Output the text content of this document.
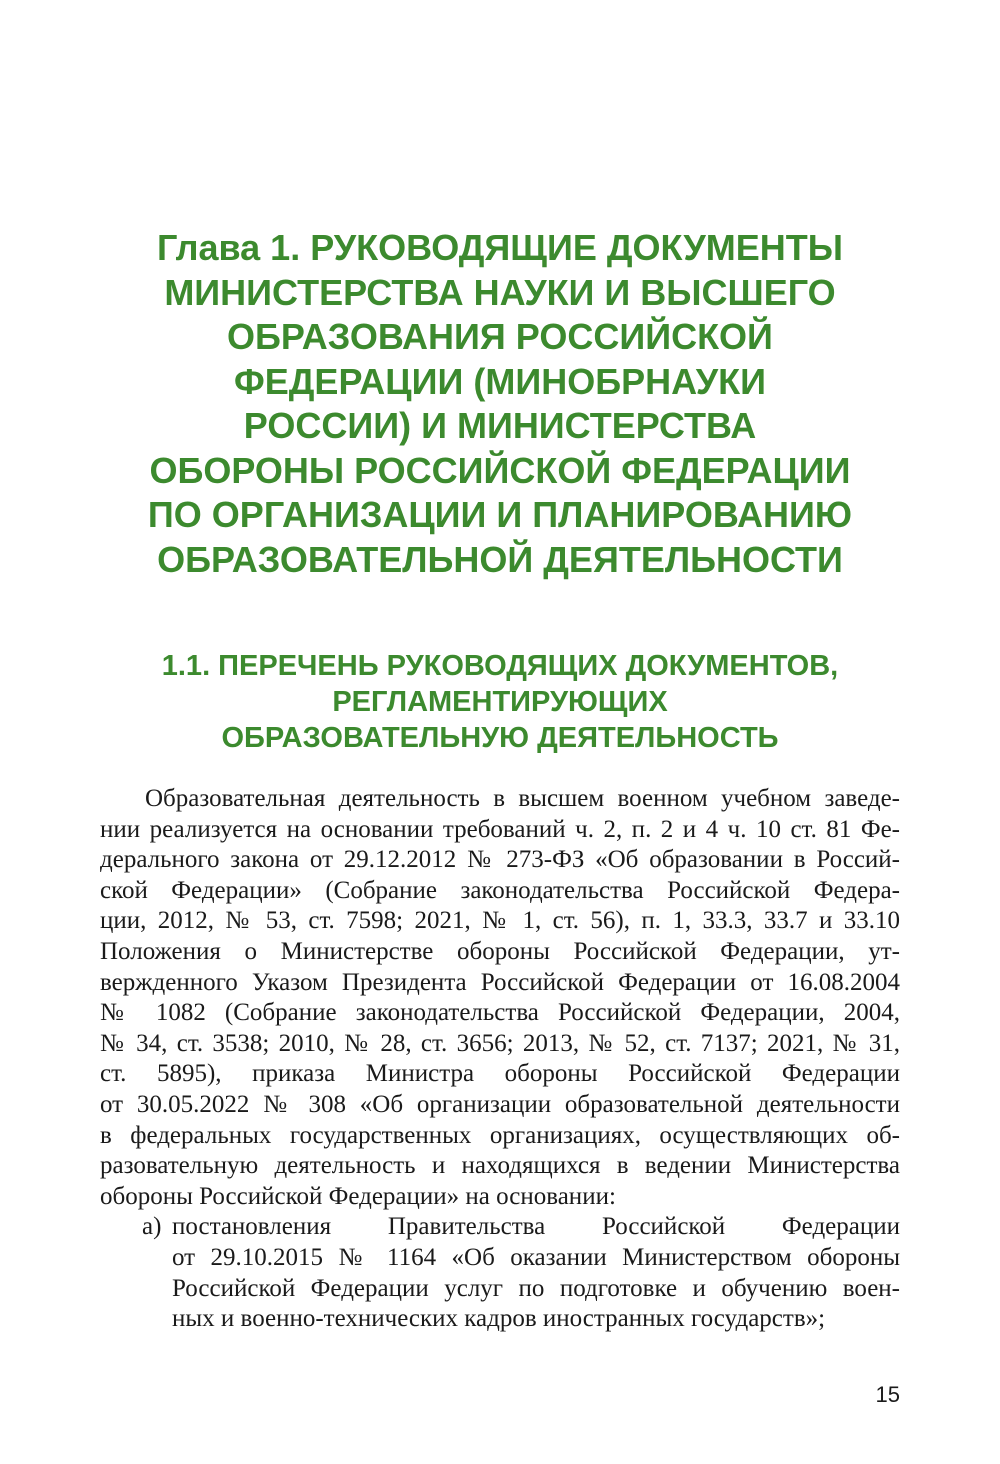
Глава 1. РУКОВОДЯЩИЕ ДОКУМЕНТЫ
МИНИСТЕРСТВА НАУКИ И ВЫСШЕГО
ОБРАЗОВАНИЯ РОССИЙСКОЙ
ФЕДЕРАЦИИ (МИНОБРНАУКИ
РОССИИ) И МИНИСТЕРСТВА
ОБОРОНЫ РОССИЙСКОЙ ФЕДЕРАЦИИ
ПО ОРГАНИЗАЦИИ И ПЛАНИРОВАНИЮ
ОБРАЗОВАТЕЛЬНОЙ ДЕЯТЕЛЬНОСТИ
1.1. ПЕРЕЧЕНЬ РУКОВОДЯЩИХ ДОКУМЕНТОВ,
РЕГЛАМЕНТИРУЮЩИХ
ОБРАЗОВАТЕЛЬНУЮ ДЕЯТЕЛЬНОСТЬ
Образовательная деятельность в высшем военном учебном заведе-
нии реализуется на основании требований ч. 2, п. 2 и 4 ч. 10 ст. 81 Фе-
дерального закона от 29.12.2012 № 273-ФЗ «Об образовании в Россий-
ской Федерации» (Собрание законодательства Российской Федера-
ции, 2012, № 53, ст. 7598; 2021, № 1, ст. 56), п. 1, 33.3, 33.7 и 33.10
Положения о Министерстве обороны Российской Федерации, ут-
вержденного Указом Президента Российской Федерации от 16.08.2004
№ 1082 (Собрание законодательства Российской Федерации, 2004,
№ 34, ст. 3538; 2010, № 28, ст. 3656; 2013, № 52, ст. 7137; 2021, № 31,
ст. 5895), приказа Министра обороны Российской Федерации
от 30.05.2022 № 308 «Об организации образовательной деятельности
в федеральных государственных организациях, осуществляющих об-
разовательную деятельность и находящихся в ведении Министерства
обороны Российской Федерации» на основании:
а) постановления Правительства Российской Федерации
от 29.10.2015 № 1164 «Об оказании Министерством обороны
Российской Федерации услуг по подготовке и обучению воен-
ных и военно-технических кадров иностранных государств»;
15
